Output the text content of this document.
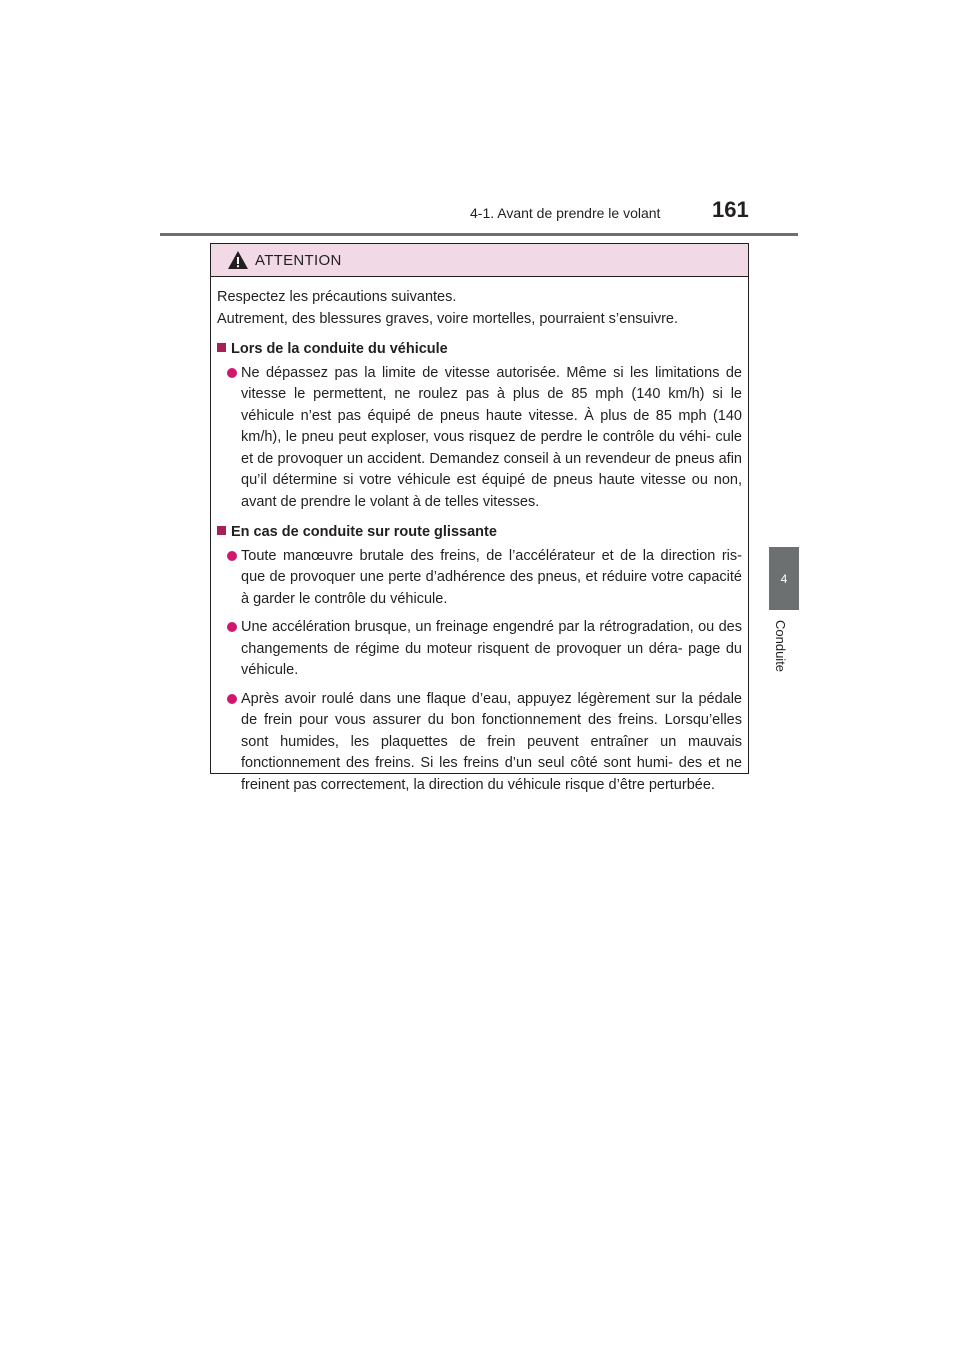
4-1. Avant de prendre le volant 161
4
Conduite
ATTENTION

Respectez les précautions suivantes.

Autrement, des blessures graves, voire mortelles, pourraient s’ensuivre.

Lors de la conduite du véhicule

Ne dépassez pas la limite de vitesse autorisée. Même si les limitations de vitesse le permettent, ne roulez pas à plus de 85 mph (140 km/h) si le véhicule n’est pas équipé de pneus haute vitesse. À plus de 85 mph (140 km/h), le pneu peut exploser, vous risquez de perdre le contrôle du véhi- cule et de provoquer un accident. Demandez conseil à un revendeur de pneus afin qu’il détermine si votre véhicule est équipé de pneus haute vitesse ou non, avant de prendre le volant à de telles vitesses.

En cas de conduite sur route glissante

Toute manœuvre brutale des freins, de l’accélérateur et de la direction ris- que de provoquer une perte d’adhérence des pneus, et réduire votre capacité à garder le contrôle du véhicule.

Une accélération brusque, un freinage engendré par la rétrogradation, ou des changements de régime du moteur risquent de provoquer un déra- page du véhicule.

Après avoir roulé dans une flaque d’eau, appuyez légèrement sur la pédale de frein pour vous assurer du bon fonctionnement des freins. Lorsqu’elles sont humides, les plaquettes de frein peuvent entraîner un mauvais fonctionnement des freins. Si les freins d’un seul côté sont humi- des et ne freinent pas correctement, la direction du véhicule risque d’être perturbée.
